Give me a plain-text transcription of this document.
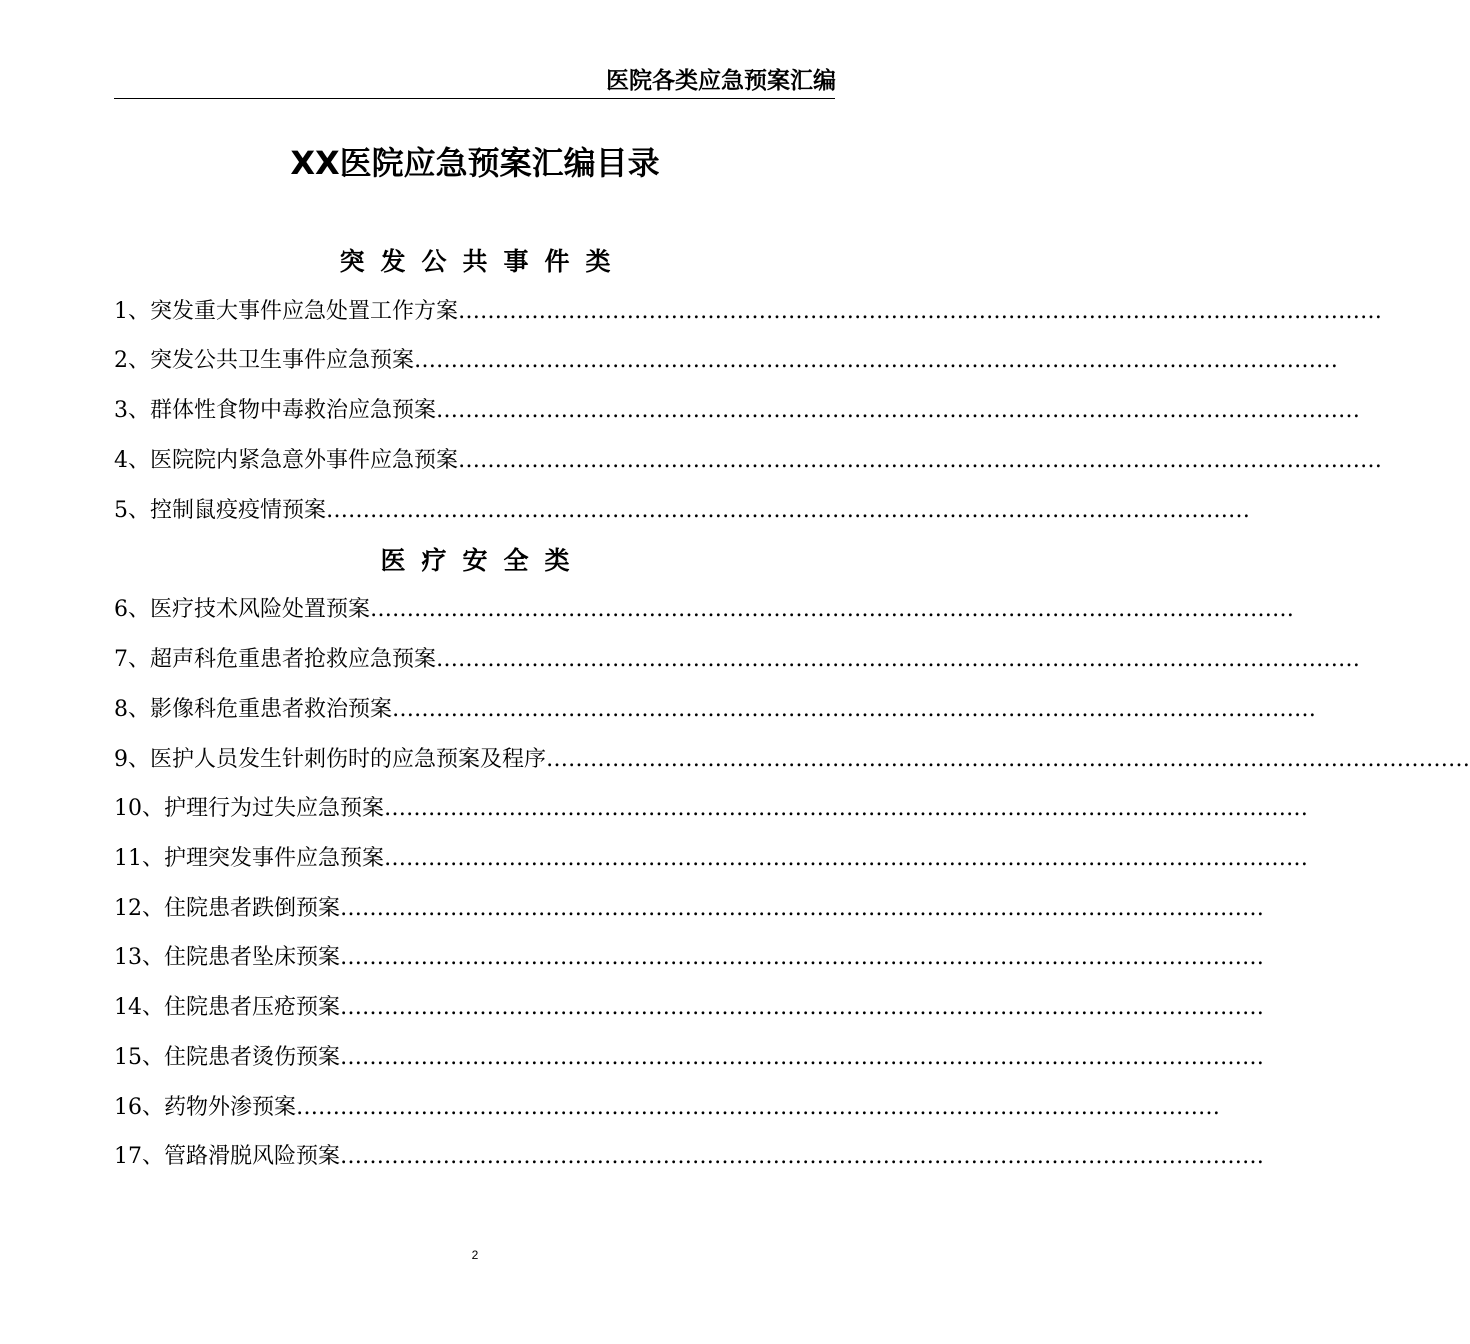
医院各类应急预案汇编
XX医院应急预案汇编目录
突发公共事件类
1、突发重大事件应急处置工作方案 ………………………………………………………………………………………………………………
2、突发公共卫生事件应急预案 ………………………………………………………………………………………………………………
3、群体性食物中毒救治应急预案 ………………………………………………………………………………………………………………
4、医院院内紧急意外事件应急预案 ………………………………………………………………………………………………………………
5、控制鼠疫疫情预案 ………………………………………………………………………………………………………………
医疗安全类
6、医疗技术风险处置预案 ………………………………………………………………………………………………………………
7、超声科危重患者抢救应急预案 ………………………………………………………………………………………………………………
8、影像科危重患者救治预案 ………………………………………………………………………………………………………………
9、医护人员发生针刺伤时的应急预案及程序 ………………………………………………………………………………………………………………
10、护理行为过失应急预案 ………………………………………………………………………………………………………………
11、护理突发事件应急预案 ………………………………………………………………………………………………………………
12、住院患者跌倒预案 ………………………………………………………………………………………………………………
13、住院患者坠床预案 ………………………………………………………………………………………………………………
14、住院患者压疮预案 ………………………………………………………………………………………………………………
15、住院患者烫伤预案 ………………………………………………………………………………………………………………
16、药物外渗预案 ………………………………………………………………………………………………………………
17、管路滑脱风险预案 ………………………………………………………………………………………………………………
2
